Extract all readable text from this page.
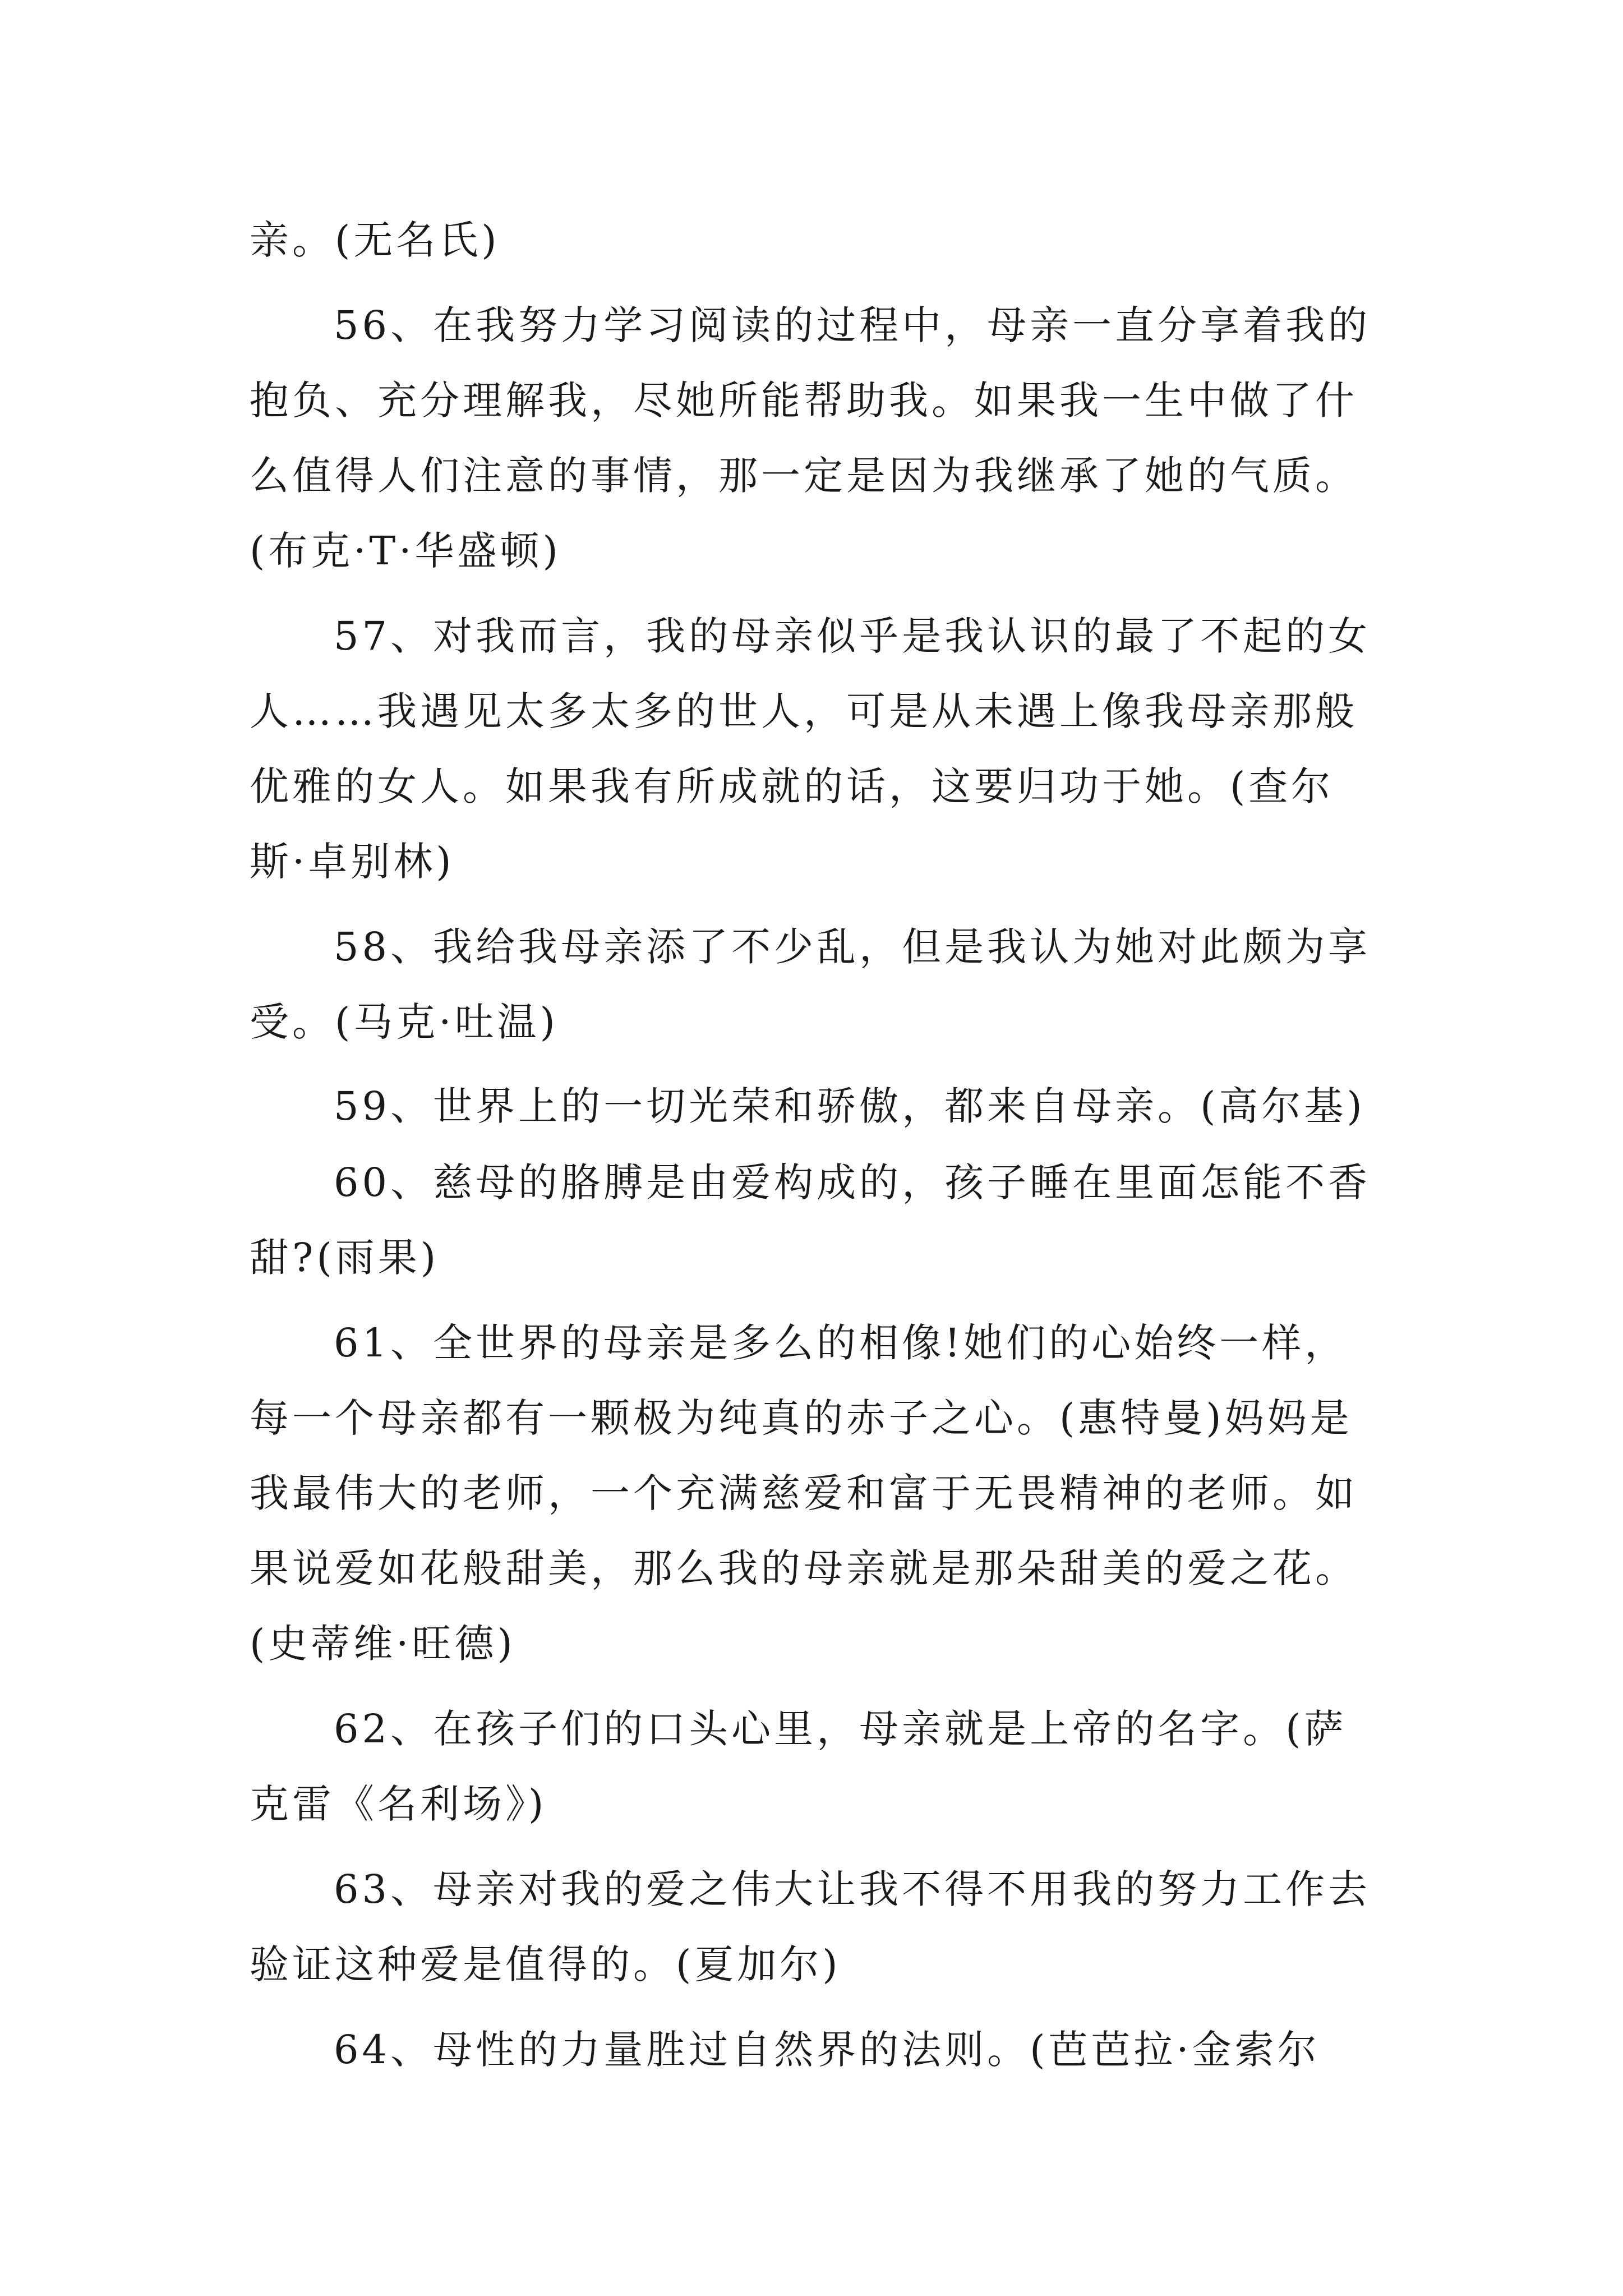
亲。(无名氏)
56、在我努力学习阅读的过程中，母亲一直分享着我的
抱负、充分理解我，尽她所能帮助我。如果我一生中做了什
么值得人们注意的事情，那一定是因为我继承了她的气质。
(布克·T·华盛顿)
57、对我而言，我的母亲似乎是我认识的最了不起的女
人……我遇见太多太多的世人，可是从未遇上像我母亲那般
优雅的女人。如果我有所成就的话，这要归功于她。(查尔
斯·卓别林)
58、我给我母亲添了不少乱，但是我认为她对此颇为享
受。(马克·吐温)
59、世界上的一切光荣和骄傲，都来自母亲。(高尔基)
60、慈母的胳膊是由爱构成的，孩子睡在里面怎能不香
甜?(雨果)
61、全世界的母亲是多么的相像!她们的心始终一样，
每一个母亲都有一颗极为纯真的赤子之心。(惠特曼)妈妈是
我最伟大的老师，一个充满慈爱和富于无畏精神的老师。如
果说爱如花般甜美，那么我的母亲就是那朵甜美的爱之花。
(史蒂维·旺德)
62、在孩子们的口头心里，母亲就是上帝的名字。(萨
克雷《名利场》)
63、母亲对我的爱之伟大让我不得不用我的努力工作去
验证这种爱是值得的。(夏加尔)
64、母性的力量胜过自然界的法则。(芭芭拉·金索尔
